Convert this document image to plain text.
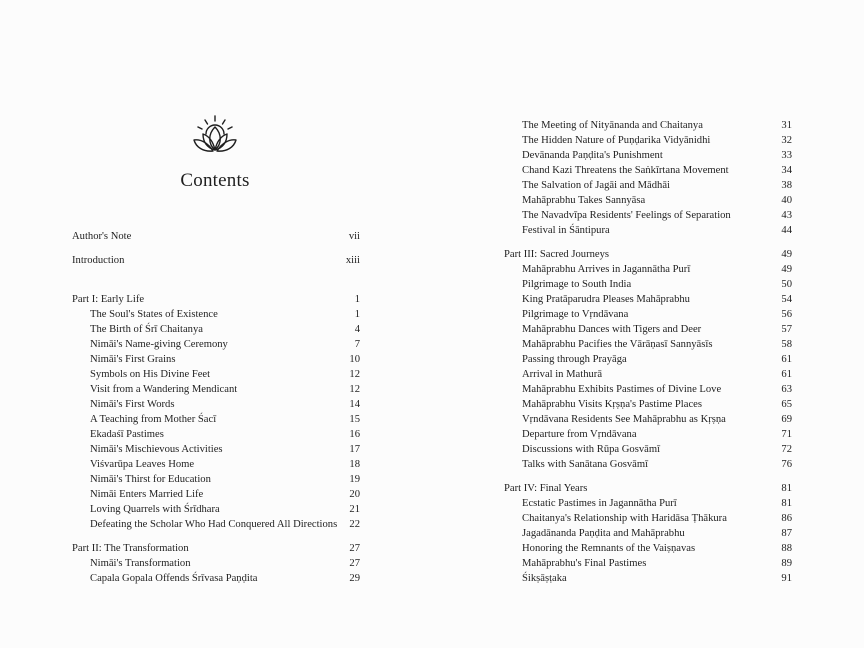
Contents
Author's Note	vii
Introduction	xiii
Part I: Early Life	1
The Soul's States of Existence	1
The Birth of Śrī Chaitanya	4
Nimāi's Name-giving Ceremony	7
Nimāi's First Grains	10
Symbols on His Divine Feet	12
Visit from a Wandering Mendicant	12
Nimāi's First Words	14
A Teaching from Mother Śacī	15
Ekadaśī Pastimes	16
Nimāi's Mischievous Activities	17
Viśvarūpa Leaves Home	18
Nimāi's Thirst for Education	19
Nimāi Enters Married Life	20
Loving Quarrels with Śrīdhara	21
Defeating the Scholar Who Had Conquered All Directions 22
Part II: The Transformation	27
Nimāi's Transformation	27
Capala Gopala Offends Śrīvasa Paṇḍita	29
The Meeting of Nityānanda and Chaitanya	31
The Hidden Nature of Puṇḍarika Vidyānidhi	32
Devānanda Paṇḍita's Punishment	33
Chand Kazi Threatens the Saṅkīrtana Movement	34
The Salvation of Jagāi and Mādhāi	38
Mahāprabhu Takes Sannyāsa	40
The Navadvīpa Residents' Feelings of Separation	43
Festival in Śāntipura	44
Part III: Sacred Journeys	49
Mahāprabhu Arrives in Jagannātha Purī	49
Pilgrimage to South India	50
King Pratāparudra Pleases Mahāprabhu	54
Pilgrimage to Vṛndāvana	56
Mahāprabhu Dances with Tigers and Deer	57
Mahāprabhu Pacifies the Vārāṇasī Sannyāsīs	58
Passing through Prayāga	61
Arrival in Mathurā	61
Mahāprabhu Exhibits Pastimes of Divine Love	63
Mahāprabhu Visits Kṛṣṇa's Pastime Places	65
Vṛndāvana Residents See Mahāprabhu as Kṛṣṇa	69
Departure from Vṛndāvana	71
Discussions with Rūpa Gosvāmī	72
Talks with Sanātana Gosvāmī	76
Part IV: Final Years	81
Ecstatic Pastimes in Jagannātha Purī	81
Chaitanya's Relationship with Haridāsa Ṭhākura	86
Jagadānanda Paṇḍita and Mahāprabhu	87
Honoring the Remnants of the Vaiṣṇavas	88
Mahāprabhu's Final Pastimes	89
Śikṣāṣṭaka	91
